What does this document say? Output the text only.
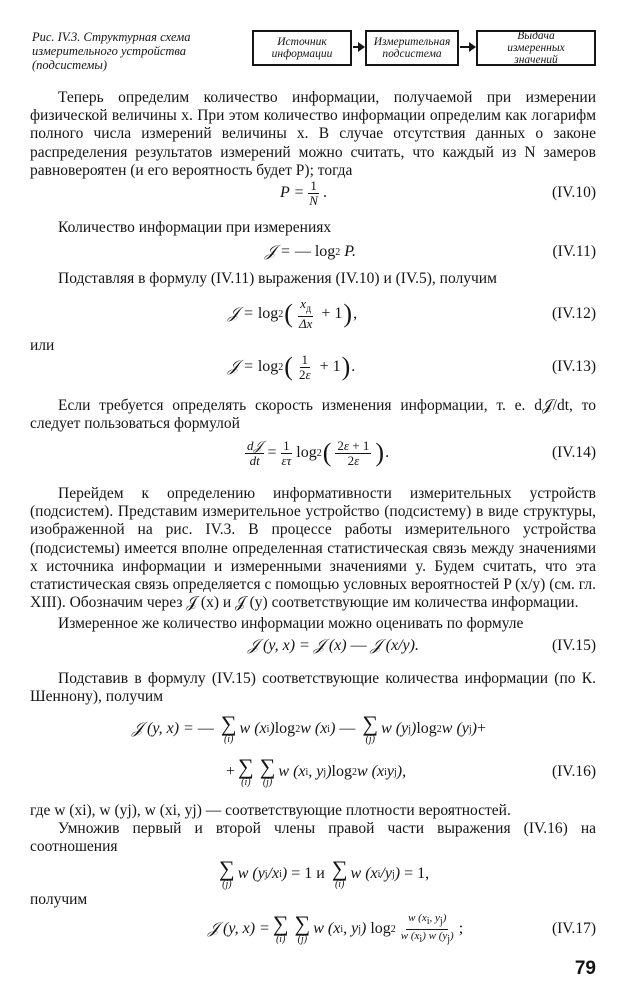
Рис. IV.3. Структурная схема измерительного устройства (подсистемы)
Источник
информации
Измерительная
подсистема
Выдача
измеренных
значений
Теперь определим количество информации, получаемой при измерении физической величины x. При этом количество информации определим как логарифм полного числа измерений величины x. В случае отсутствия данных о законе распределения результатов измерений можно считать, что каждый из N замеров равновероятен (и его вероятность будет P); тогда
$P = \frac{1}{N}$ .	(IV.10)
Количество информации при измерениях
𝒥 = — log 2 P.	(IV.11)
Подставляя в формулу (IV.11) выражения (IV.10) и (IV.5), получим
𝒥 = log 2 ( $\frac{x_д}{\Delta x} + 1$ ) ,	(IV.12)
или
𝒥 = log 2 ( $\frac{1}{2\varepsilon} + 1$ ) .	(IV.13)
Если требуется определять скорость изменения информации, т. е. d𝒥/dt, то следует пользоваться формулой
$\frac{\text{d𝒥}}{dt} = \frac{1}{\varepsilon\tau}$ log 2 ( $\frac{2\varepsilon + 1}{2\varepsilon}$ ) .	(IV.14)
Перейдем к определению информативности измерительных устройств (подсистем). Представим измерительное устройство (подсистему) в виде структуры, изображенной на рис. IV.3. В процессе работы измерительного устройства (подсистемы) имеется вполне определенная статистическая связь между значениями x источника информации и измеренными значениями y. Будем считать, что эта статистическая связь определяется с помощью условных вероятностей P (x/y) (см. гл. XIII). Обозначим через 𝒥 (x) и 𝒥 (y) соответствующие им количества информации.
Измеренное же количество информации можно оценивать по формуле
𝒥 (y, x) = 𝒥 (x) — 𝒥 (x/y).	(IV.15)
Подставив в формулу (IV.15) соответствующие количества информации (по К. Шеннону), получим
𝒥 (y, x) = — ∑
(i)
w (x i ) log 2 w (x i ) — ∑
(j)
w (y j ) log 2 w (y j ) +
+ ∑
(i)
∑
(j)
w (x i , y j ) log 2 w (x i y j ),	(IV.16)
где w (xi), w (yj), w (xi, yj) — соответствующие плотности вероятностей.
Умножив первый и второй члены правой части выражения (IV.16) на соотношения
∑
(j)
w (y j /x i ) = 1 и ∑
(i)
w (x i /y j ) = 1,
получим
𝒥 (y, x) = ∑
(i)
∑
(j)
w (x i , y j ) $\log 2 \frac{w (x_i, y_j)}{w (x_i) w (y_j)}$ ;	(IV.17)
79
